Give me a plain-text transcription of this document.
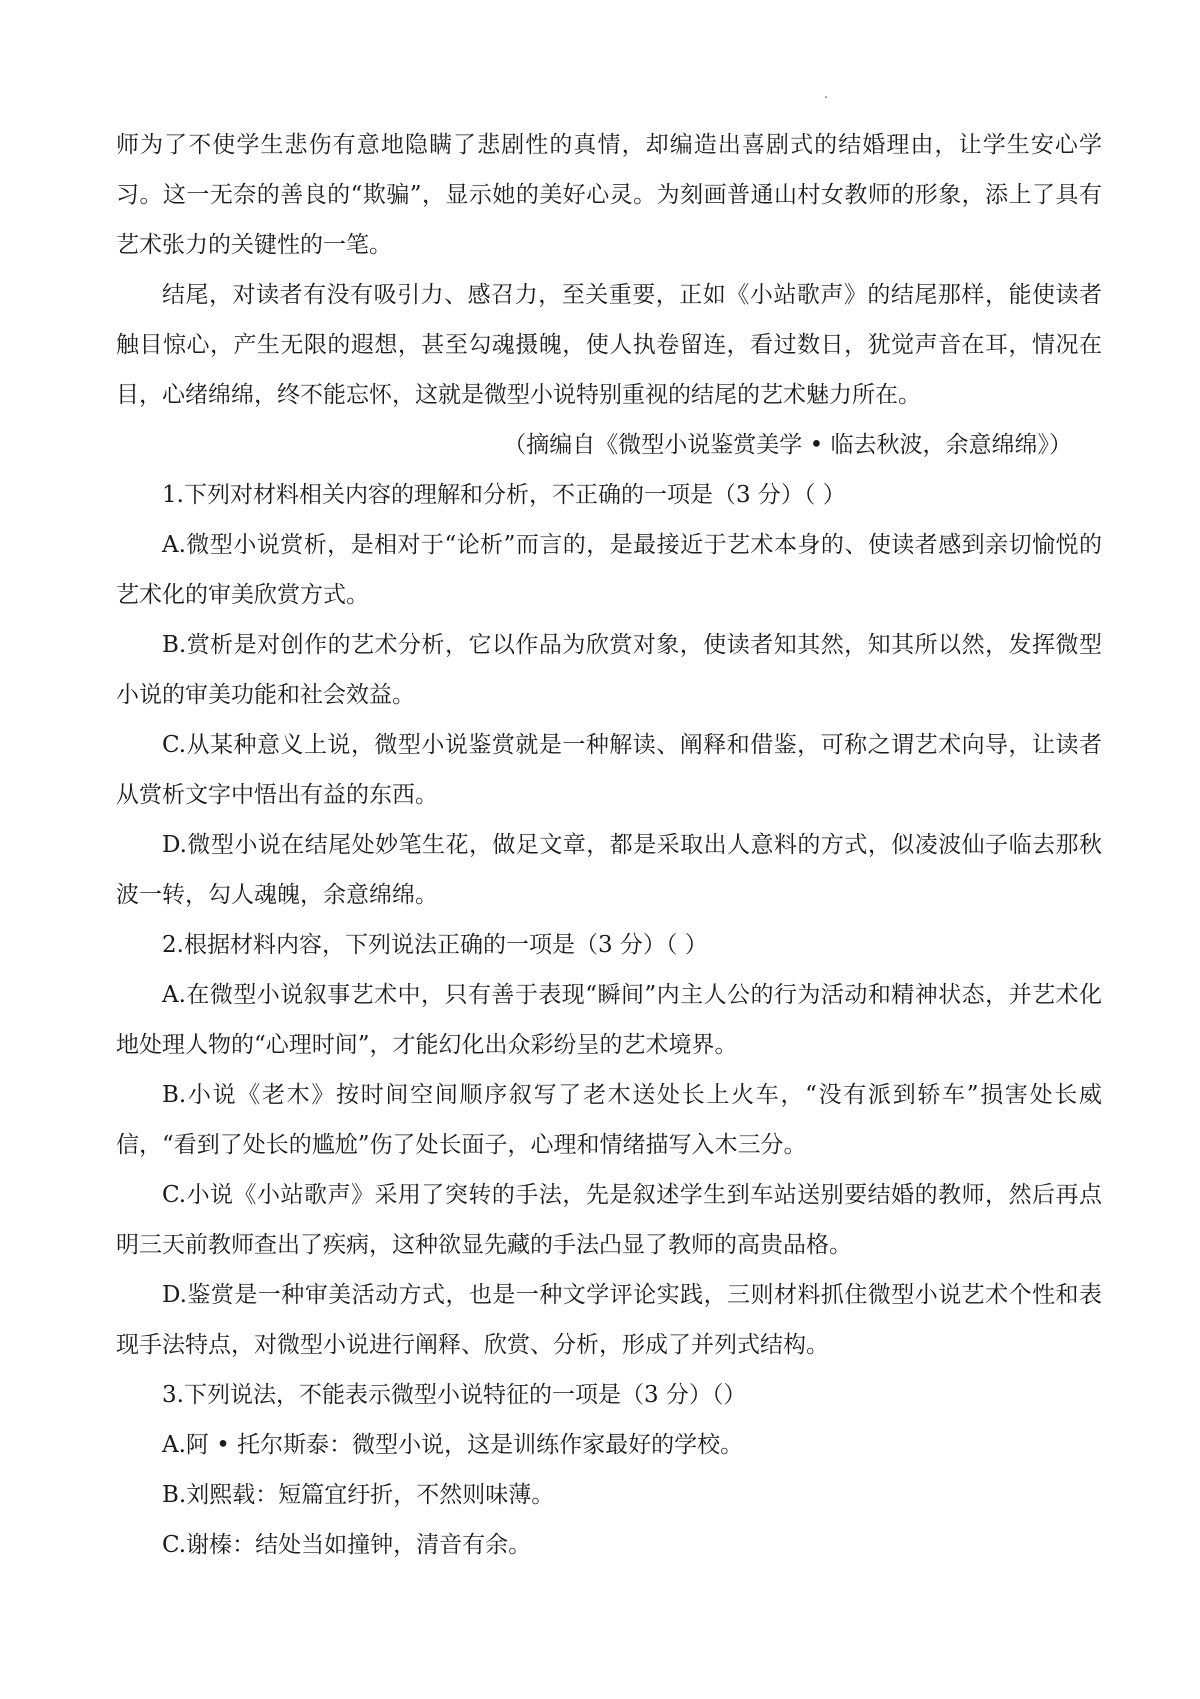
师为了不使学生悲伤有意地隐瞒了悲剧性的真情，却编造出喜剧式的结婚理由，让学生安心学习。这一无奈的善良的“欺骗”，显示她的美好心灵。为刻画普通山村女教师的形象，添上了具有艺术张力的关键性的一笔。

结尾，对读者有没有吸引力、感召力，至关重要，正如《小站歌声》的结尾那样，能使读者触目惊心，产生无限的遐想，甚至勾魂摄魄，使人执卷留连，看过数日，犹觉声音在耳，情况在目，心绪绵绵，终不能忘怀，这就是微型小说特别重视的结尾的艺术魅力所在。

（摘编自《微型小说鉴赏美学 • 临去秋波，余意绵绵》）

1.下列对材料相关内容的理解和分析，不正确的一项是（3 分）（ ）

A.微型小说赏析，是相对于“论析”而言的，是最接近于艺术本身的、使读者感到亲切愉悦的艺术化的审美欣赏方式。

B.赏析是对创作的艺术分析，它以作品为欣赏对象，使读者知其然，知其所以然，发挥微型小说的审美功能和社会效益。

C.从某种意义上说，微型小说鉴赏就是一种解读、阐释和借鉴，可称之谓艺术向导，让读者从赏析文字中悟出有益的东西。

D.微型小说在结尾处妙笔生花，做足文章，都是采取出人意料的方式，似凌波仙子临去那秋波一转，勾人魂魄，余意绵绵。

2.根据材料内容，下列说法正确的一项是（3 分）（ ）

A.在微型小说叙事艺术中，只有善于表现“瞬间”内主人公的行为活动和精神状态，并艺术化地处理人物的“心理时间”，才能幻化出众彩纷呈的艺术境界。

B.小说《老木》按时间空间顺序叙写了老木送处长上火车，“没有派到轿车”损害处长威信，“看到了处长的尴尬”伤了处长面子，心理和情绪描写入木三分。

C.小说《小站歌声》采用了突转的手法，先是叙述学生到车站送别要结婚的教师，然后再点明三天前教师查出了疾病，这种欲显先藏的手法凸显了教师的高贵品格。

D.鉴赏是一种审美活动方式，也是一种文学评论实践，三则材料抓住微型小说艺术个性和表现手法特点，对微型小说进行阐释、欣赏、分析，形成了并列式结构。

3.下列说法，不能表示微型小说特征的一项是（3 分）（）

A.阿 • 托尔斯泰：微型小说，这是训练作家最好的学校。

B.刘熙载：短篇宜纡折，不然则味薄。

C.谢榛：结处当如撞钟，清音有余。
